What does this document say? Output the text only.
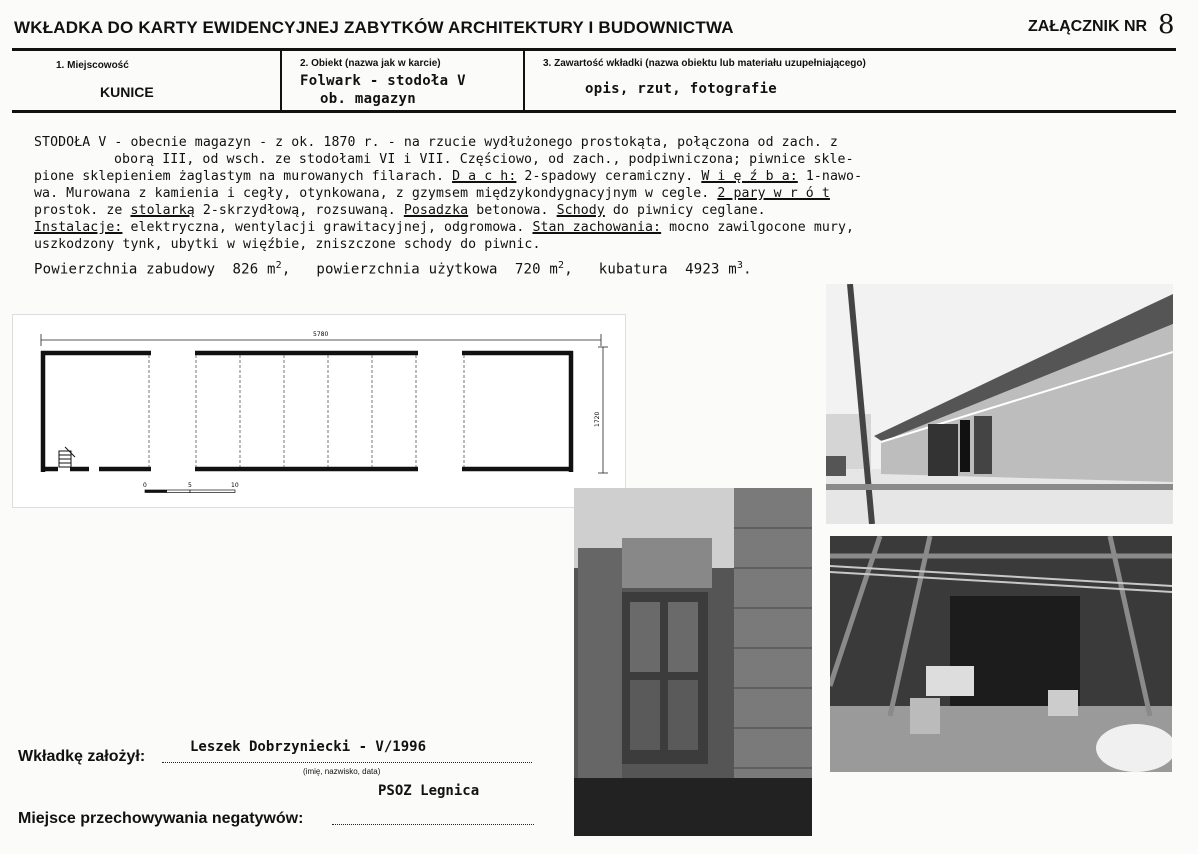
WKŁADKA DO KARTY EWIDENCYJNEJ ZABYTKÓW ARCHITEKTURY I BUDOWNICTWA	ZAŁĄCZNIK NR 8
1. Miejscowość
KUNICE
2. Obiekt (nazwa jak w karcie)
Folwark - stodoła V
ob. magazyn
3. Zawartość wkładki (nazwa obiektu lub materiału uzupełniającego)
opis, rzut, fotografie

STODOŁA V - obecnie magazyn - z ok. 1870 r. - na rzucie wydłużonego prostokąta, połączona od zach. z

oborą III, od wsch. ze stodołami VI i VII. Częściowo, od zach., podpiwniczona; piwnice skle-

pione sklepieniem żaglastym na murowanych filarach. D a c h: 2-spadowy ceramiczny. W i ę ź b a: 1-nawo-

wa. Murowana z kamienia i cegły, otynkowana, z gzymsem międzykondygnacyjnym w cegle. 2 pary w r ó t

prostok. ze stolarką 2-skrzydłową, rozsuwaną. Posadzka betonowa. Schody do piwnicy ceglane.

Instalacje: elektryczna, wentylacji grawitacyjnej, odgromowa. Stan zachowania: mocno zawilgocone mury,

uszkodzony tynk, ubytki w więźbie, zniszczone schody do piwnic.

Powierzchnia zabudowy 826 $m^2$, powierzchnia użytkowa 720 $m^2$, kubatura 4923 $m^3$.
5780
1720
0	5	10
Wkładkę założył:
Leszek Dobrzyniecki - V/1996
(imię, nazwisko, data)
PSOZ Legnica
Miejsce przechowywania negatywów:
